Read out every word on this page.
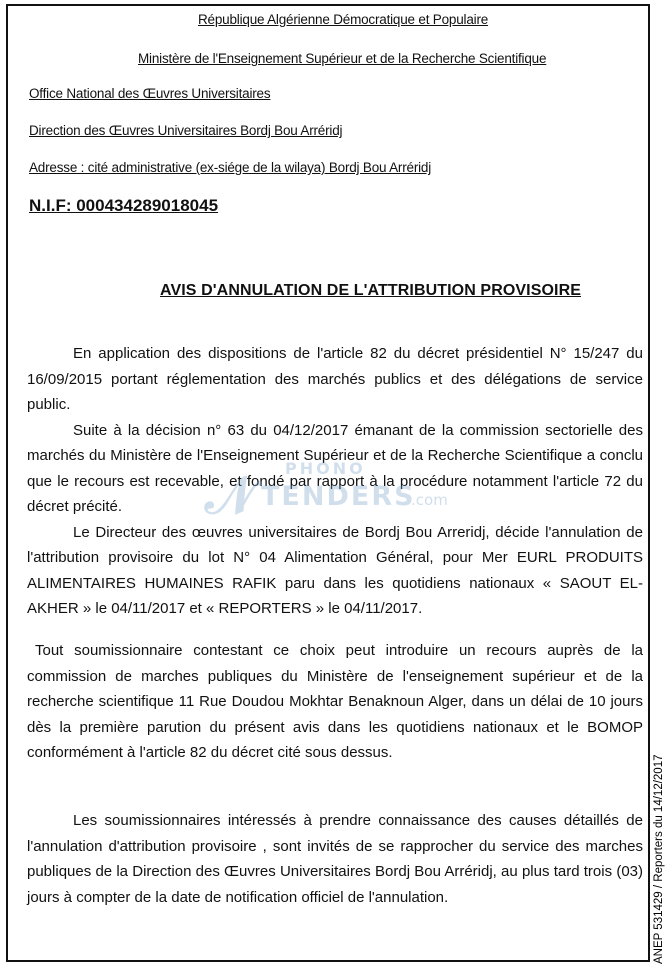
République Algérienne Démocratique et Populaire
Ministère de l'Enseignement Supérieur et de la Recherche Scientifique
Office National des Œuvres Universitaires
Direction des Œuvres Universitaires Bordj Bou Arréridj
Adresse : cité administrative (ex-siége de la wilaya) Bordj Bou Arréridj
N.I.F: 000434289018045
AVIS D'ANNULATION DE L'ATTRIBUTION PROVISOIRE

En application des dispositions de l'article 82 du décret présidentiel N° 15/247 du 16/09/2015 portant réglementation des marchés publics et des délégations de service public.

Suite à la décision n° 63 du 04/12/2017 émanant de la commission sectorielle des marchés du Ministère de l'Enseignement Supérieur et de la Recherche Scientifique a conclu que le recours est recevable, et fondé par rapport à la procédure notamment l'article 72 du décret précité.

Le Directeur des œuvres universitaires de Bordj Bou Arreridj, décide l'annulation de l'attribution provisoire du lot N° 04 Alimentation Général, pour Mer EURL PRODUITS ALIMENTAIRES HUMAINES RAFIK paru dans les quotidiens nationaux « SAOUT EL-AKHER » le 04/11/2017 et « REPORTERS » le 04/11/2017.

Tout soumissionnaire contestant ce choix peut introduire un recours auprès de la commission de marches publiques du Ministère de l'enseignement supérieur et de la recherche scientifique 11 Rue Doudou Mokhtar Benaknoun Alger, dans un délai de 10 jours dès la première parution du présent avis dans les quotidiens nationaux et le BOMOP conformément à l'article 82 du décret cité sous dessus.

Les soumissionnaires intéressés à prendre connaissance des causes détaillés de l'annulation d'attribution provisoire , sont invités de se rapprocher du service des marches publiques de la Direction des Œuvres Universitaires Bordj Bou Arréridj, au plus tard trois (03) jours à compter de la date de notification officiel de l'annulation.

𝒩 PHONO
TENDERS
.com
ANEP 531429 / Reporters du 14/12/2017
